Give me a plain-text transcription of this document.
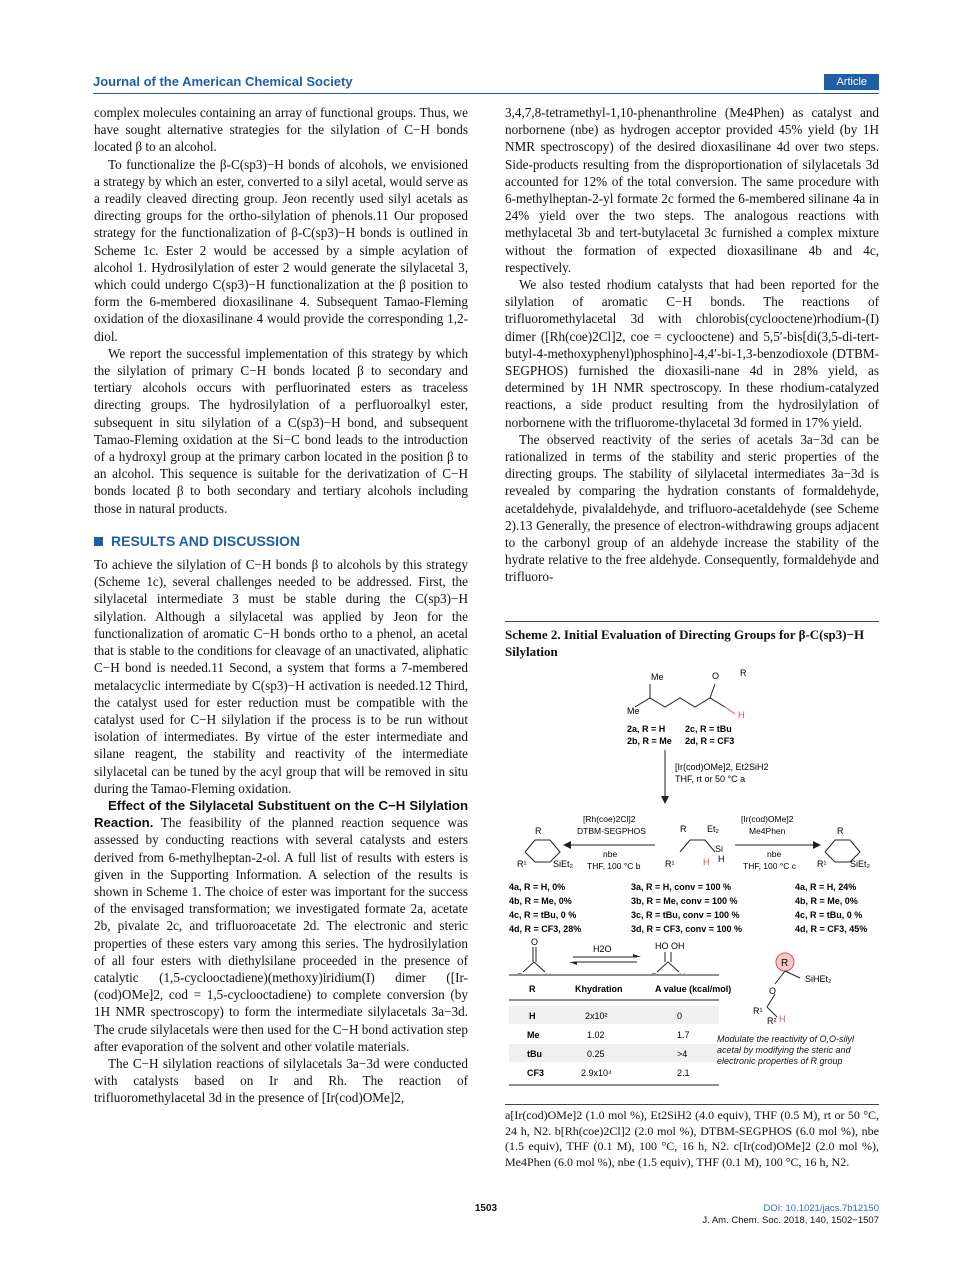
Journal of the American Chemical Society	Article

complex molecules containing an array of functional groups. Thus, we have sought alternative strategies for the silylation of C−H bonds located β to an alcohol.

To functionalize the β-C(sp3)−H bonds of alcohols, we envisioned a strategy by which an ester, converted to a silyl acetal, would serve as a readily cleaved directing group. Jeon recently used silyl acetals as directing groups for the ortho-silylation of phenols.11 Our proposed strategy for the functionalization of β-C(sp3)−H bonds is outlined in Scheme 1c. Ester 2 would be accessed by a simple acylation of alcohol 1. Hydrosilylation of ester 2 would generate the silylacetal 3, which could undergo C(sp3)−H functionalization at the β position to form the 6-membered dioxasilinane 4. Subsequent Tamao-Fleming oxidation of the dioxasilinane 4 would provide the corresponding 1,2-diol.

We report the successful implementation of this strategy by which the silylation of primary C−H bonds located β to secondary and tertiary alcohols occurs with perfluorinated esters as traceless directing groups. The hydrosilylation of a perfluoroalkyl ester, subsequent in situ silylation of a C(sp3)−H bond, and subsequent Tamao-Fleming oxidation at the Si−C bond leads to the introduction of a hydroxyl group at the primary carbon located in the position β to an alcohol. This sequence is suitable for the derivatization of C−H bonds located β to both secondary and tertiary alcohols including those in natural products.

RESULTS AND DISCUSSION

To achieve the silylation of C−H bonds β to alcohols by this strategy (Scheme 1c), several challenges needed to be addressed. First, the silylacetal intermediate 3 must be stable during the C(sp3)−H silylation. Although a silylacetal was applied by Jeon for the functionalization of aromatic C−H bonds ortho to a phenol, an acetal that is stable to the conditions for cleavage of an unactivated, aliphatic C−H bond is needed.11 Second, a system that forms a 7-membered metalacyclic intermediate by C(sp3)−H activation is needed.12 Third, the catalyst used for ester reduction must be compatible with the catalyst used for C−H silylation if the process is to be run without isolation of intermediates. By virtue of the ester intermediate and silane reagent, the stability and reactivity of the intermediate silylacetal can be tuned by the acyl group that will be removed in situ during the Tamao-Fleming oxidation.

Effect of the Silylacetal Substituent on the C−H Silylation Reaction. The feasibility of the planned reaction sequence was assessed by conducting reactions with several catalysts and esters derived from 6-methylheptan-2-ol. A full list of results with esters is given in the Supporting Information. A selection of the results is shown in Scheme 1. The choice of ester was important for the success of the envisaged transformation; we investigated formate 2a, acetate 2b, pivalate 2c, and trifluoroacetate 2d. The electronic and steric properties of these esters vary among this series. The hydrosilylation of all four esters with diethylsilane proceeded in the presence of catalytic (1,5-cyclooctadiene)(methoxy)iridium(I) dimer ([Ir-(cod)OMe]2, cod = 1,5-cyclooctadiene) to complete conversion (by 1H NMR spectroscopy) to form the intermediate silylacetals 3a−3d. The crude silylacetals were then used for the C−H bond activation step after evaporation of the solvent and other volatile materials.

The C−H silylation reactions of silylacetals 3a−3d were conducted with catalysts based on Ir and Rh. The reaction of trifluoromethylacetal 3d in the presence of [Ir(cod)OMe]2,

3,4,7,8-tetramethyl-1,10-phenanthroline (Me4Phen) as catalyst and norbornene (nbe) as hydrogen acceptor provided 45% yield (by 1H NMR spectroscopy) of the desired dioxasilinane 4d over two steps. Side-products resulting from the disproportionation of silylacetals 3d accounted for 12% of the total conversion. The same procedure with 6-methylheptan-2-yl formate 2c formed the 6-membered silinane 4a in 24% yield over the two steps. The analogous reactions with methylacetal 3b and tert-butylacetal 3c furnished a complex mixture without the formation of expected dioxasilinane 4b and 4c, respectively.

We also tested rhodium catalysts that had been reported for the silylation of aromatic C−H bonds. The reactions of trifluoromethylacetal 3d with chlorobis(cyclooctene)rhodium-(I) dimer ([Rh(coe)2Cl]2, coe = cyclooctene) and 5,5′-bis[di(3,5-di-tert-butyl-4-methoxyphenyl)phosphino]-4,4′-bi-1,3-benzodioxole (DTBM-SEGPHOS) furnished the dioxasili-nane 4d in 28% yield, as determined by 1H NMR spectroscopy. In these rhodium-catalyzed reactions, a side product resulting from the hydrosilylation of norbornene with the trifluorome-thylacetal 3d formed in 17% yield.

The observed reactivity of the series of acetals 3a−3d can be rationalized in terms of the stability and steric properties of the directing groups. The stability of silylacetal intermediates 3a−3d is revealed by comparing the hydration constants of formaldehyde, acetaldehyde, pivalaldehyde, and trifluoro-acetaldehyde (see Scheme 2).13 Generally, the presence of electron-withdrawing groups adjacent to the carbonyl group of an aldehyde increase the stability of the hydrate relative to the free aldehyde. Consequently, formaldehyde and trifluoro-

Scheme 2. Initial Evaluation of Directing Groups for β-C(sp3)−H Silylation
Me
Me
O
H
R
2a, R = H 2c, R = tBu
2b, R = Me 2d, R = CF3
[Ir(cod)OMe]2, Et2SiH2
THF, rt or 50 °C a
R
R¹	SiEt₂
R Et₂
Si
H
H
R¹
R
R¹	SiEt₂
[Rh(coe)2Cl]2
DTBM-SEGPHOS
nbe
THF, 100 °C b
[Ir(cod)OMe]2
Me4Phen
nbe
THF, 100 °C c
4a, R = H, 0%
4b, R = Me, 0%
4c, R = tBu, 0 %
4d, R = CF3, 28%
3a, R = H, conv = 100 %
3b, R = Me, conv = 100 %
3c, R = tBu, conv = 100 %
3d, R = CF3, conv = 100 %
4a, R = H, 24%
4b, R = Me, 0%
4c, R = tBu, 0 %
4d, R = CF3, 45%
O	HO OH
H2O
R	Khydration	A value (kcal/mol)
H	2x10²	0
Me	1.02	1.7
tBu	0.25	>4
CF3	2.9x10⁴	2.1
R
SiHEt₂
O
R¹
R² H
Modulate the reactivity of O,O-silyl acetal by modifying the steric and electronic properties of R group
a[Ir(cod)OMe]2 (1.0 mol %), Et2SiH2 (4.0 equiv), THF (0.5 M), rt or 50 °C, 24 h, N2. b[Rh(coe)2Cl]2 (2.0 mol %), DTBM-SEGPHOS (6.0 mol %), nbe (1.5 equiv), THF (0.1 M), 100 °C, 16 h, N2. c[Ir(cod)OMe]2 (2.0 mol %), Me4Phen (6.0 mol %), nbe (1.5 equiv), THF (0.1 M), 100 °C, 16 h, N2.
1503	DOI: 10.1021/jacs.7b12150
J. Am. Chem. Soc. 2018, 140, 1502−1507
